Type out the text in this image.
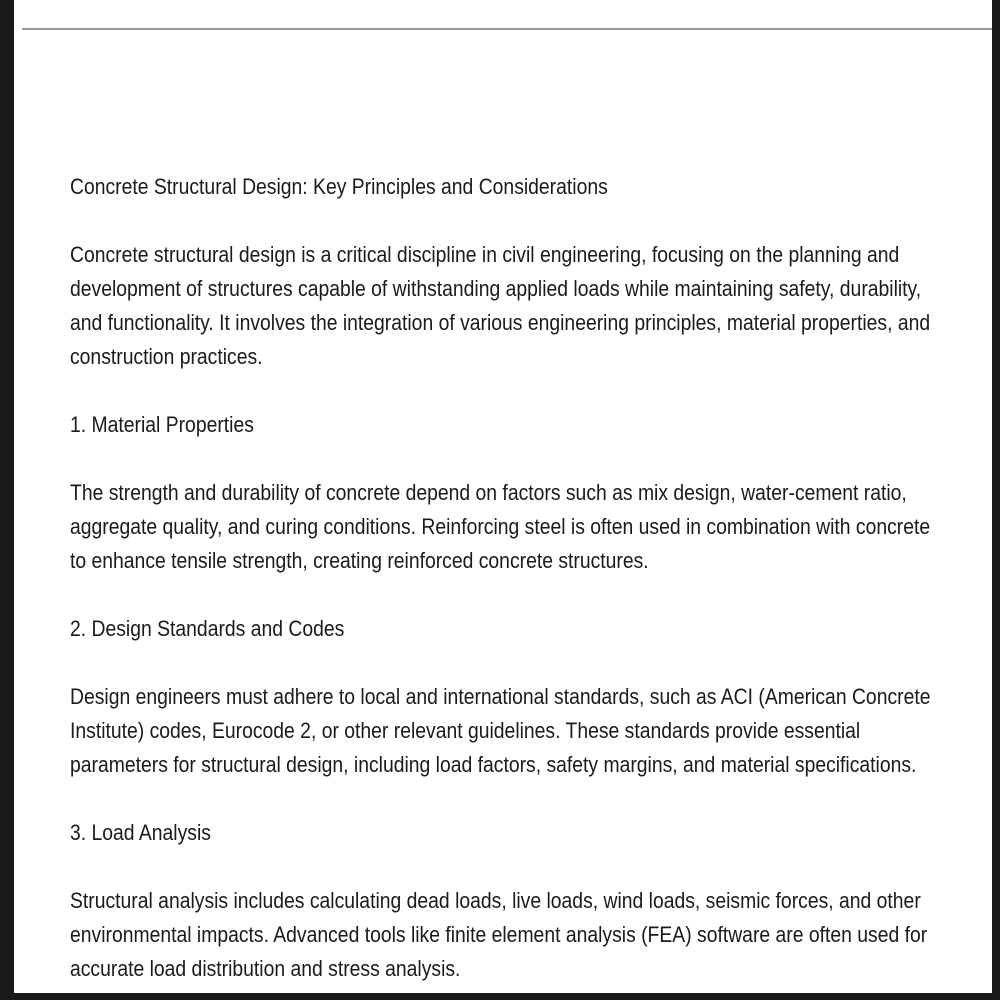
Concrete Structural Design: Key Principles and Considerations

Concrete structural design is a critical discipline in civil engineering, focusing on the planning and development of structures capable of withstanding applied loads while maintaining safety, durability, and functionality. It involves the integration of various engineering principles, material properties, and construction practices.

1. Material Properties

The strength and durability of concrete depend on factors such as mix design, water-cement ratio, aggregate quality, and curing conditions. Reinforcing steel is often used in combination with concrete to enhance tensile strength, creating reinforced concrete structures.

2. Design Standards and Codes

Design engineers must adhere to local and international standards, such as ACI (American Concrete Institute) codes, Eurocode 2, or other relevant guidelines. These standards provide essential parameters for structural design, including load factors, safety margins, and material specifications.

3. Load Analysis

Structural analysis includes calculating dead loads, live loads, wind loads, seismic forces, and other environmental impacts. Advanced tools like finite element analysis (FEA) software are often used for accurate load distribution and stress analysis.
